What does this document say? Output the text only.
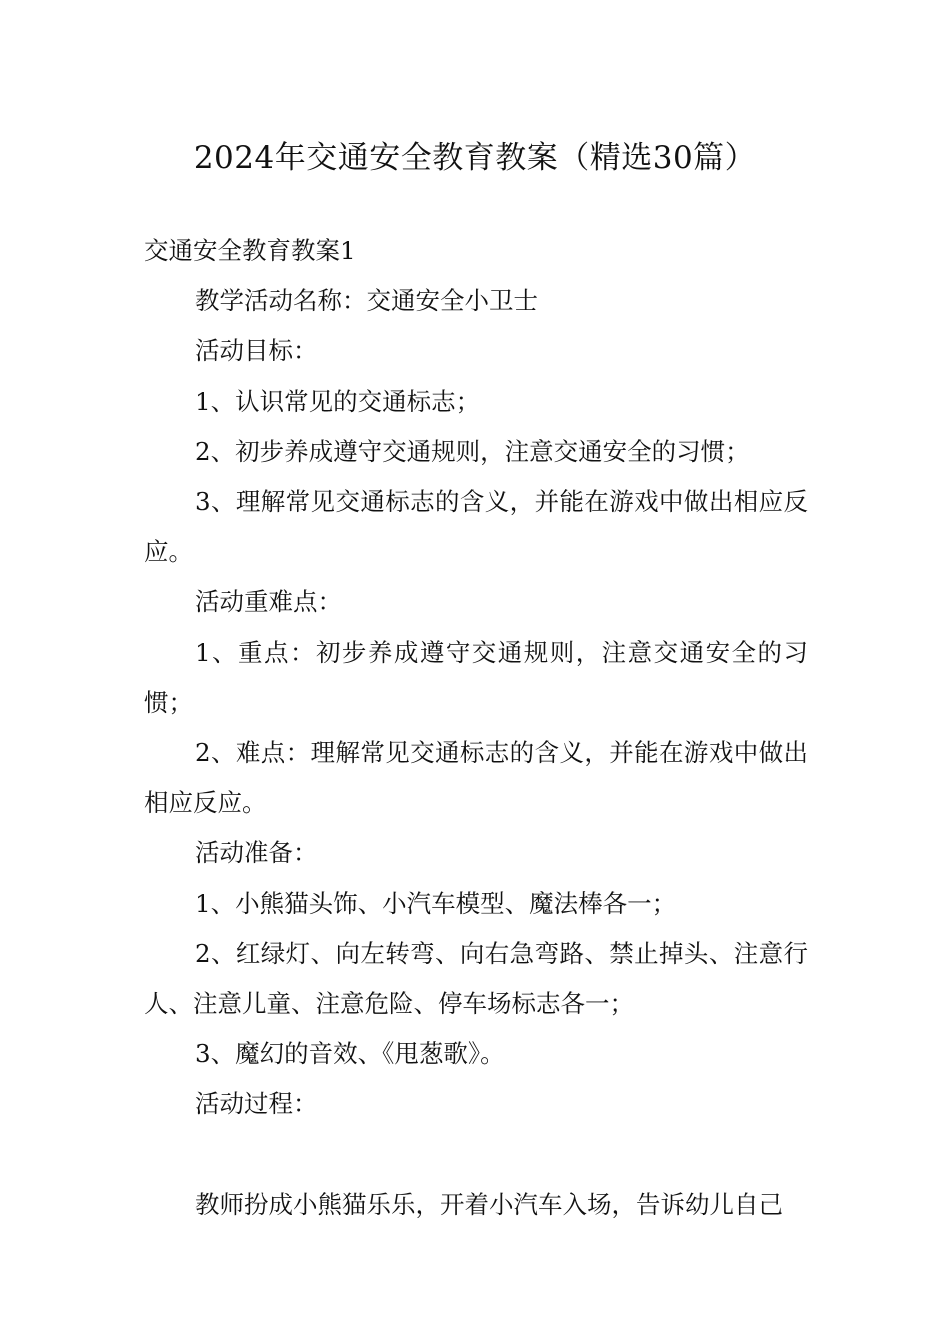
2024年交通安全教育教案（精选30篇）

交通安全教育教案1

教学活动名称：交通安全小卫士

活动目标：

1、认识常见的交通标志；

2、初步养成遵守交通规则，注意交通安全的习惯；

3、理解常见交通标志的含义，并能在游戏中做出相应反应。

活动重难点：

1、重点：初步养成遵守交通规则，注意交通安全的习惯；

2、难点：理解常见交通标志的含义，并能在游戏中做出相应反应。

活动准备：

1、小熊猫头饰、小汽车模型、魔法棒各一；

2、红绿灯、向左转弯、向右急弯路、禁止掉头、注意行人、注意儿童、注意危险、停车场标志各一；

3、魔幻的音效、《甩葱歌》。

活动过程：

教师扮成小熊猫乐乐，开着小汽车入场，告诉幼儿自己
